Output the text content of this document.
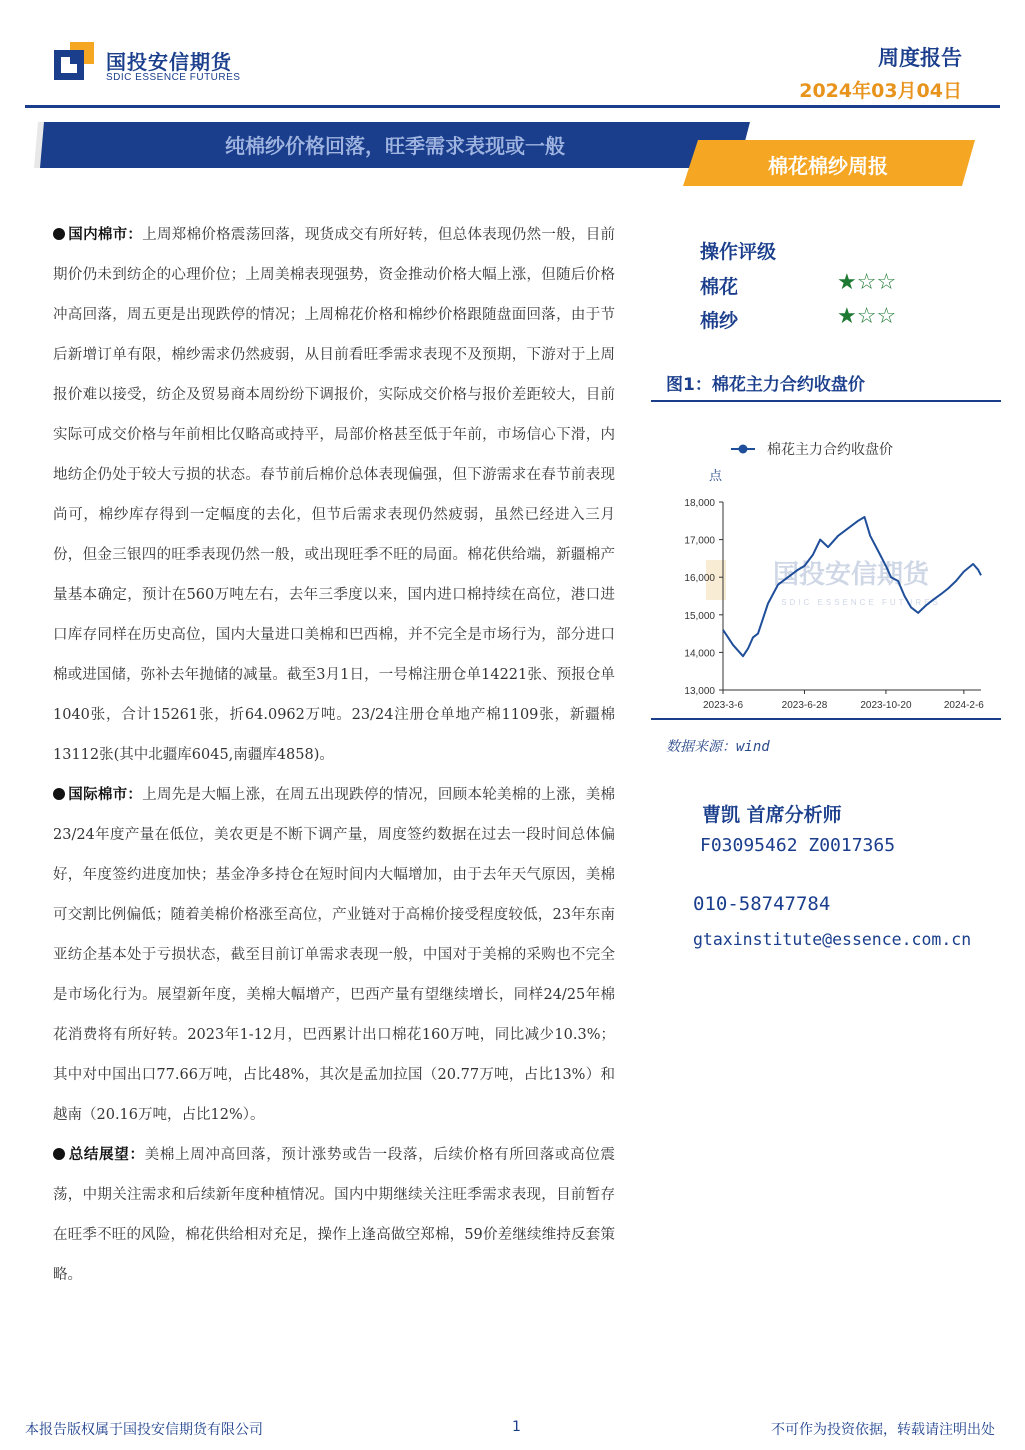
国投安信期货
SDIC ESSENCE FUTURES
周度报告
2024年03月04日
纯棉纱价格回落，旺季需求表现或一般
棉花棉纱周报

国内棉市：上周郑棉价格震荡回落，现货成交有所好转，但总体表现仍然一般，目前期价仍未到纺企的心理价位；上周美棉表现强势，资金推动价格大幅上涨，但随后价格冲高回落，周五更是出现跌停的情况；上周棉花价格和棉纱价格跟随盘面回落，由于节后新增订单有限，棉纱需求仍然疲弱，从目前看旺季需求表现不及预期，下游对于上周报价难以接受，纺企及贸易商本周纷纷下调报价，实际成交价格与报价差距较大，目前实际可成交价格与年前相比仅略高或持平，局部价格甚至低于年前，市场信心下滑，内地纺企仍处于较大亏损的状态。春节前后棉价总体表现偏强，但下游需求在春节前表现尚可，棉纱库存得到一定幅度的去化，但节后需求表现仍然疲弱，虽然已经进入三月份，但金三银四的旺季表现仍然一般，或出现旺季不旺的局面。棉花供给端，新疆棉产量基本确定，预计在560万吨左右，去年三季度以来，国内进口棉持续在高位，港口进口库存同样在历史高位，国内大量进口美棉和巴西棉，并不完全是市场行为，部分进口棉或进国储，弥补去年抛储的减量。截至3月1日，一号棉注册仓单14221张、预报仓单1040张，合计15261张，折64.0962万吨。23/24注册仓单地产棉1109张，新疆棉13112张(其中北疆库6045,南疆库4858)。

国际棉市：上周先是大幅上涨，在周五出现跌停的情况，回顾本轮美棉的上涨，美棉23/24年度产量在低位，美农更是不断下调产量，周度签约数据在过去一段时间总体偏好，年度签约进度加快；基金净多持仓在短时间内大幅增加，由于去年天气原因，美棉可交割比例偏低；随着美棉价格涨至高位，产业链对于高棉价接受程度较低，23年东南亚纺企基本处于亏损状态，截至目前订单需求表现一般，中国对于美棉的采购也不完全是市场化行为。展望新年度，美棉大幅增产，巴西产量有望继续增长，同样24/25年棉花消费将有所好转。2023年1-12月，巴西累计出口棉花160万吨，同比减少10.3%；其中对中国出口77.66万吨，占比48%，其次是孟加拉国（20.77万吨，占比13%）和越南（20.16万吨，占比12%）。

总结展望：美棉上周冲高回落，预计涨势或告一段落，后续价格有所回落或高位震荡，中期关注需求和后续新年度种植情况。国内中期继续关注旺季需求表现，目前暂存在旺季不旺的风险，棉花供给相对充足，操作上逢高做空郑棉，59价差继续维持反套策略。

操作评级
棉花	★☆☆
棉纱	★☆☆
图1：棉花主力合约收盘价
国投安信期货
SDIC ESSENCE FUTURES
棉花主力合约收盘价
点
13,000
14,000
15,000
16,000
17,000
18,000
2023-3-6	2023-6-28	2023-10-20	2024-2-6
数据来源：wind
曹凯 首席分析师
F03095462 Z0017365
010-58747784
gtaxinstitute@essence.com.cn
本报告版权属于国投安信期货有限公司	1	不可作为投资依据，转载请注明出处
